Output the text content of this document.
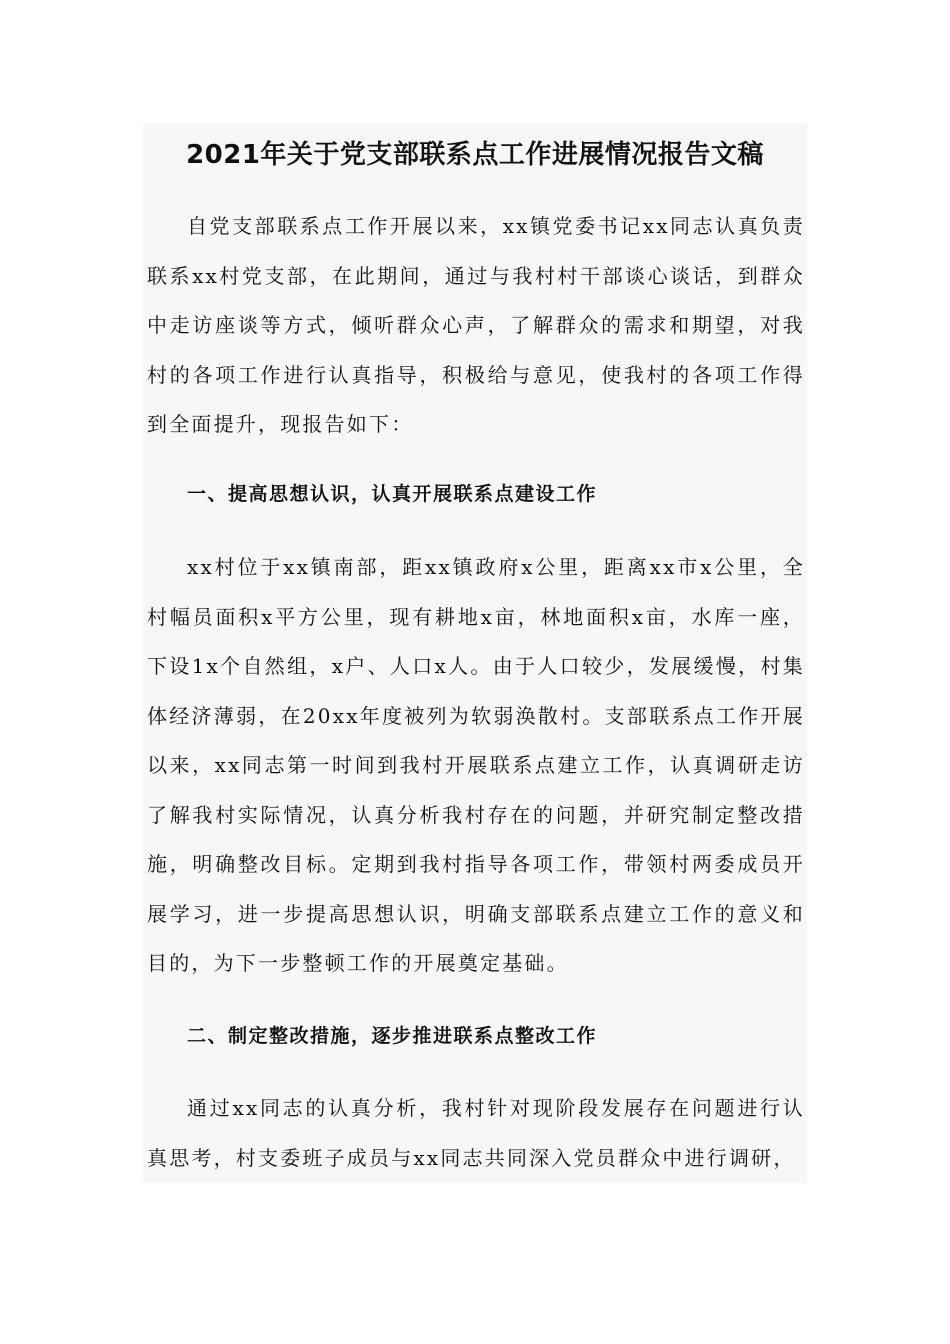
2021年关于党支部联系点工作进展情况报告文稿

自党支部联系点工作开展以来，xx镇党委书记xx同志认真负责联系xx村党支部，在此期间，通过与我村村干部谈心谈话，到群众中走访座谈等方式，倾听群众心声，了解群众的需求和期望，对我村的各项工作进行认真指导，积极给与意见，使我村的各项工作得到全面提升，现报告如下：

一、提高思想认识，认真开展联系点建设工作

xx村位于xx镇南部，距xx镇政府x公里，距离xx市x公里，全村幅员面积x平方公里，现有耕地x亩，林地面积x亩，水库一座，下设1x个自然组，x户、人口x人。由于人口较少，发展缓慢，村集体经济薄弱，在20xx年度被列为软弱涣散村。支部联系点工作开展以来，xx同志第一时间到我村开展联系点建立工作，认真调研走访了解我村实际情况，认真分析我村存在的问题，并研究制定整改措施，明确整改目标。定期到我村指导各项工作，带领村两委成员开展学习，进一步提高思想认识，明确支部联系点建立工作的意义和目的，为下一步整顿工作的开展奠定基础。

二、制定整改措施，逐步推进联系点整改工作

通过xx同志的认真分析，我村针对现阶段发展存在问题进行认真思考，村支委班子成员与xx同志共同深入党员群众中进行调研，
